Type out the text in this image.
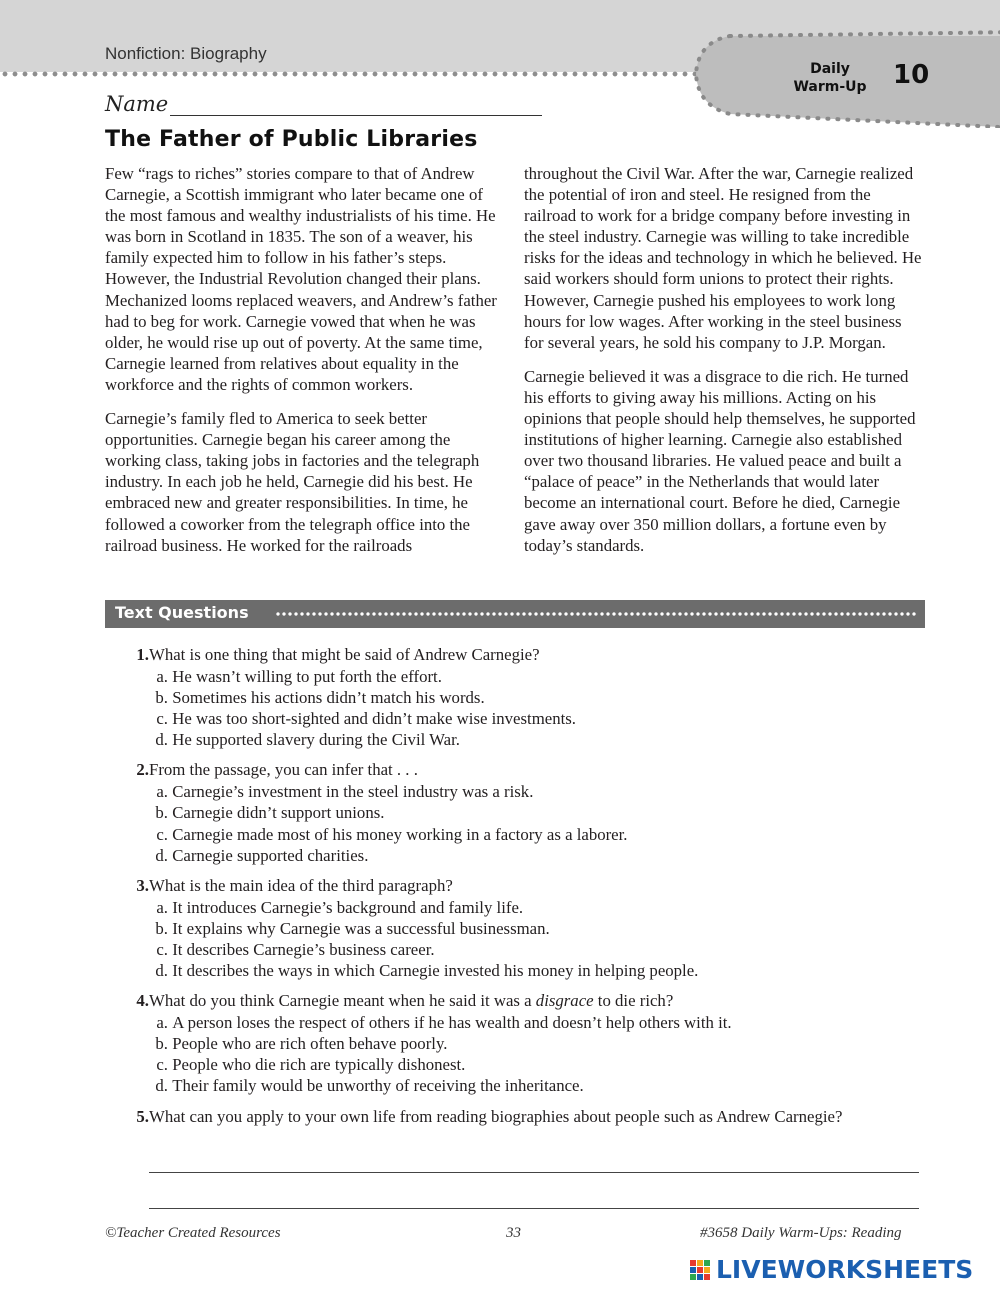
Nonfiction: Biography
Daily
Warm-Up	10
Name
The Father of Public Libraries

Few “rags to riches” stories compare to that of Andrew Carnegie, a Scottish immigrant who later became one of the most famous and wealthy industrialists of his time. He was born in Scotland in 1835. The son of a weaver, his family expected him to follow in his father’s steps. However, the Industrial Revolution changed their plans. Mechanized looms replaced weavers, and Andrew’s father had to beg for work. Carnegie vowed that when he was older, he would rise up out of poverty. At the same time, Carnegie learned from relatives about equality in the workforce and the rights of common workers.

Carnegie’s family fled to America to seek better opportunities. Carnegie began his career among the working class, taking jobs in factories and the telegraph industry. In each job he held, Carnegie did his best. He embraced new and greater responsibilities. In time, he followed a coworker from the telegraph office into the railroad business. He worked for the railroads

throughout the Civil War. After the war, Carnegie realized the potential of iron and steel. He resigned from the railroad to work for a bridge company before investing in the steel industry. Carnegie was willing to take incredible risks for the ideas and technology in which he believed. He said workers should form unions to protect their rights. However, Carnegie pushed his employees to work long hours for low wages. After working in the steel business for several years, he sold his company to J.P. Morgan.

Carnegie believed it was a disgrace to die rich. He turned his efforts to giving away his millions. Acting on his opinions that people should help themselves, he supported institutions of higher learning. Carnegie also established over two thousand libraries. He valued peace and built a “palace of peace” in the Netherlands that would later become an international court. Before he died, Carnegie gave away over 350 million dollars, a fortune even by today’s standards.

Text Questions
1. What is one thing that might be said of Andrew Carnegie?
a.
He wasn’t willing to put forth the effort.
b.
Sometimes his actions didn’t match his words.
c.
He was too short-sighted and didn’t make wise investments.
d.
He supported slavery during the Civil War.
2. From the passage, you can infer that . . .
a.
Carnegie’s investment in the steel industry was a risk.
b.
Carnegie didn’t support unions.
c.
Carnegie made most of his money working in a factory as a laborer.
d.
Carnegie supported charities.
3. What is the main idea of the third paragraph?
a.
It introduces Carnegie’s background and family life.
b.
It explains why Carnegie was a successful businessman.
c.
It describes Carnegie’s business career.
d.
It describes the ways in which Carnegie invested his money in helping people.
4. What do you think Carnegie meant when he said it was a disgrace to die rich?
a.
A person loses the respect of others if he has wealth and doesn’t help others with it.
b.
People who are rich often behave poorly.
c.
People who die rich are typically dishonest.
d.
Their family would be unworthy of receiving the inheritance.
5. What can you apply to your own life from reading biographies about people such as Andrew Carnegie?
©Teacher Created Resources	33	#3658 Daily Warm-Ups: Reading
LIVEWORKSHEETS
